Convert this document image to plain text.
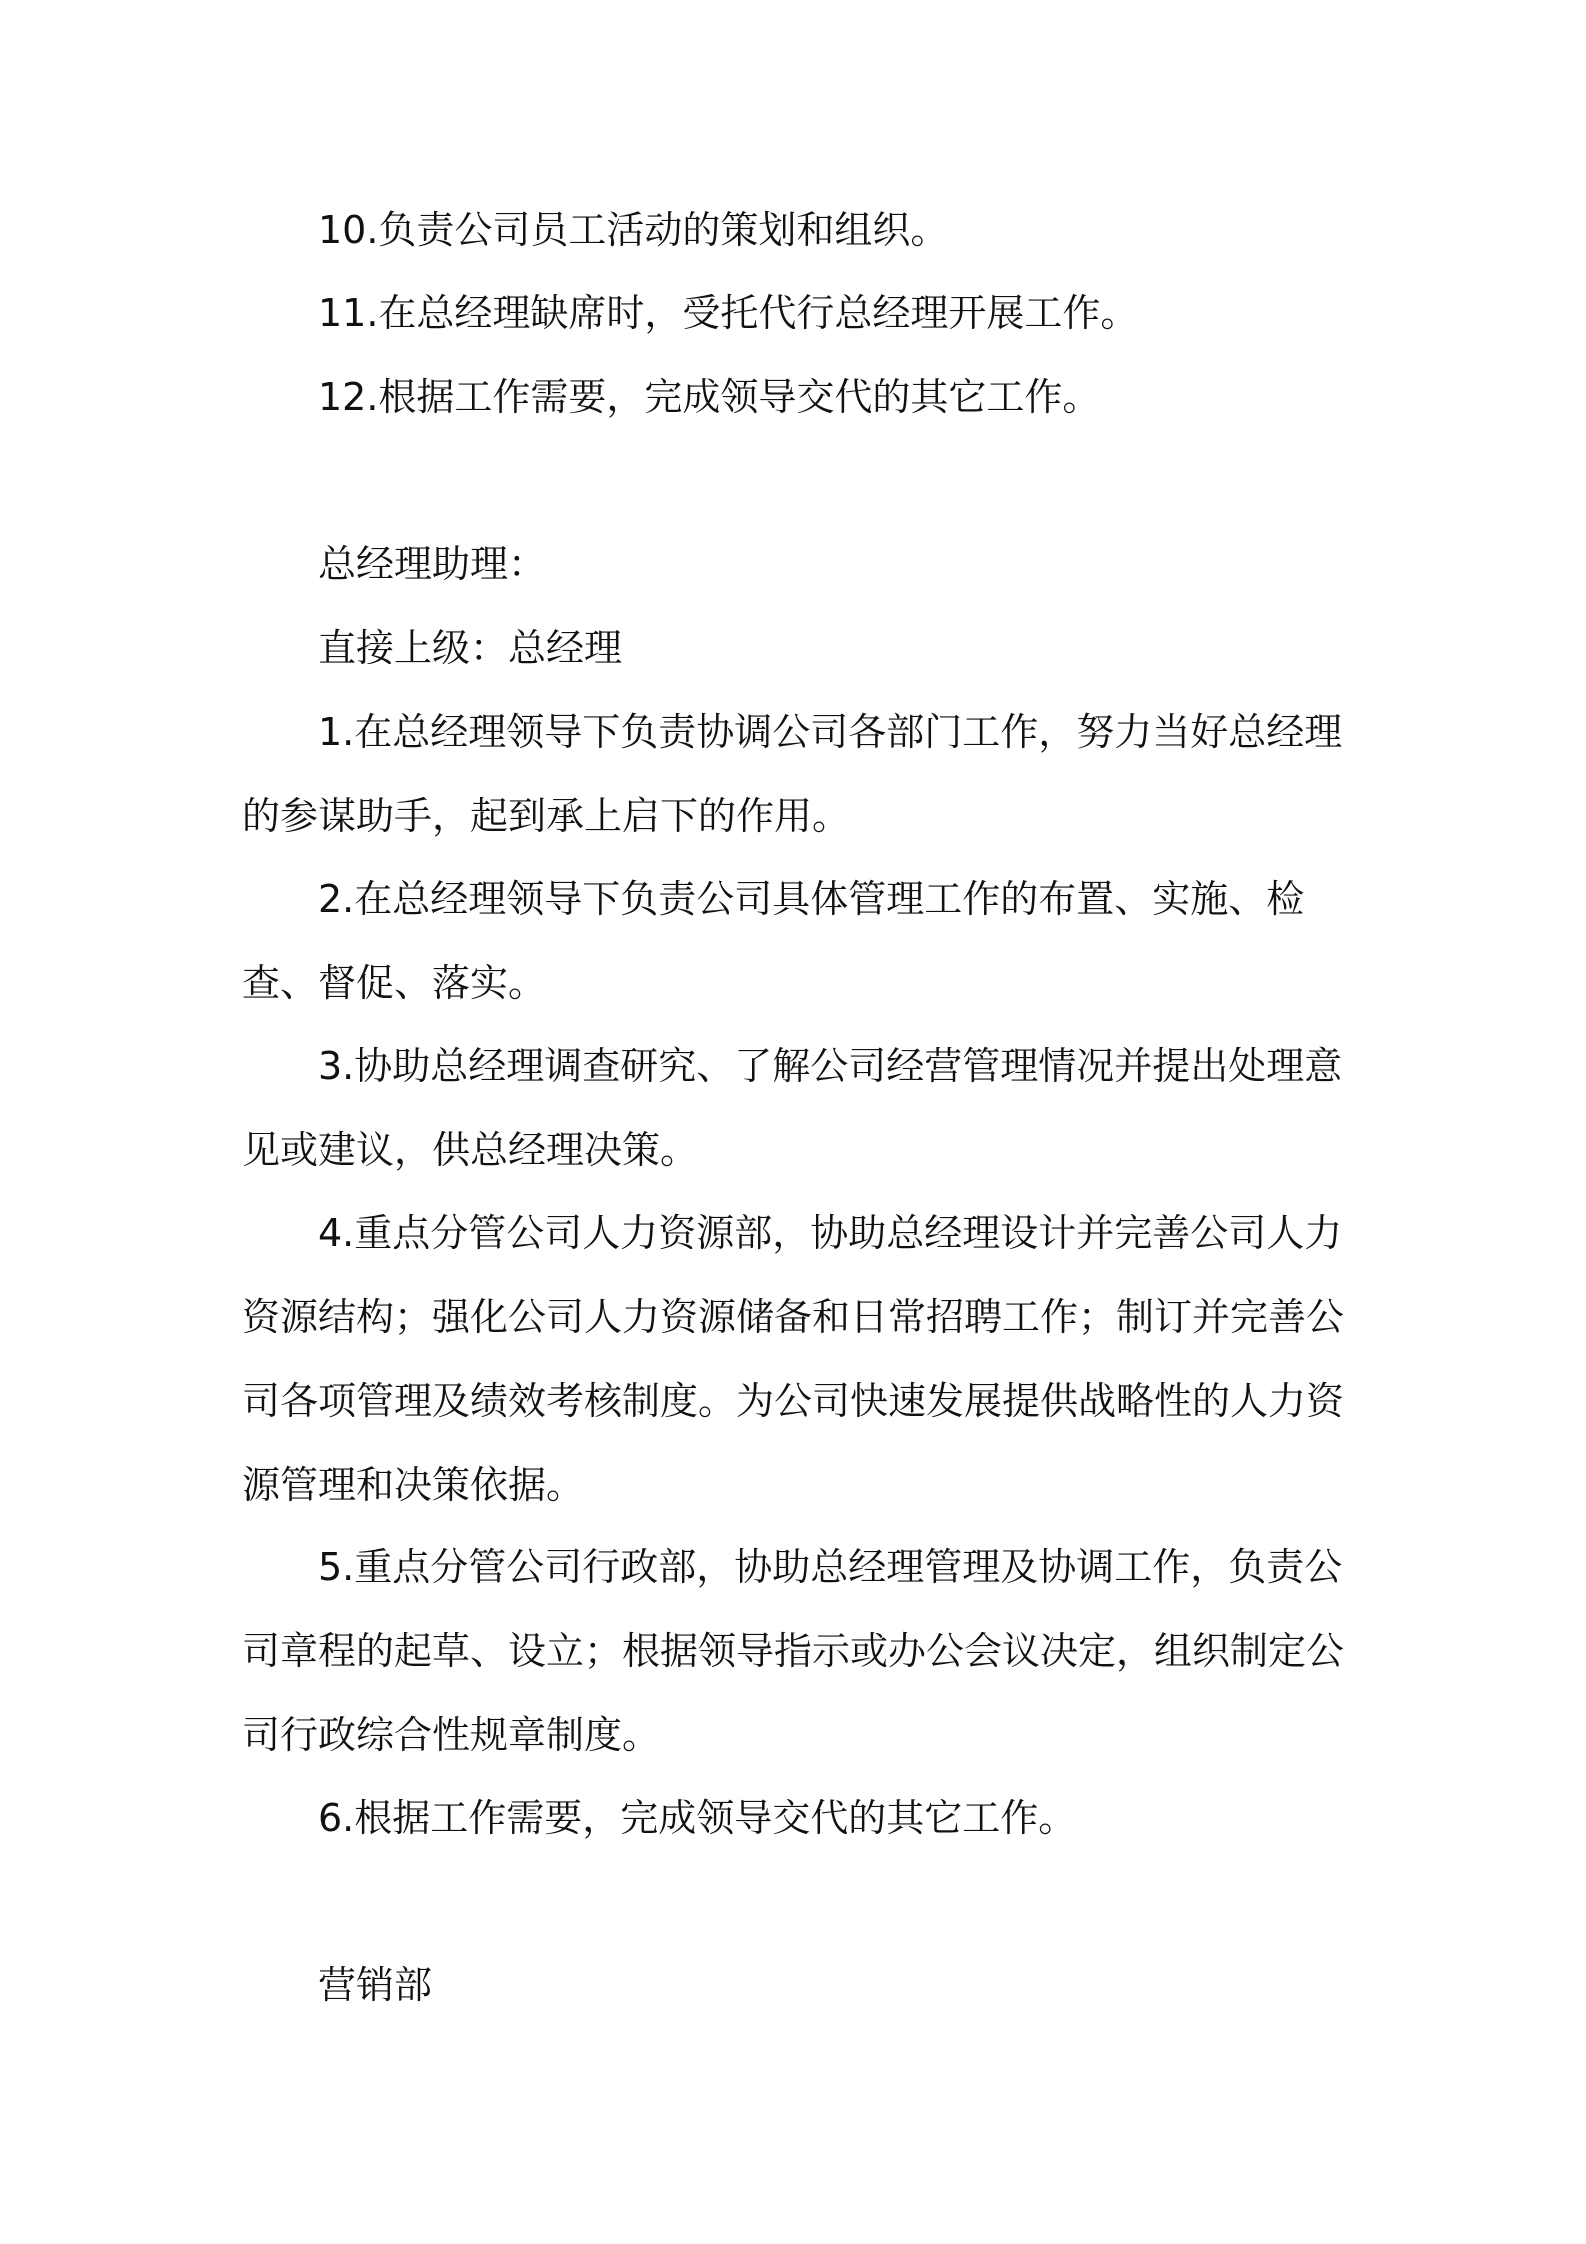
10.负责公司员工活动的策划和组织。
11.在总经理缺席时，受托代行总经理开展工作。
12.根据工作需要，完成领导交代的其它工作。
总经理助理：
直接上级：总经理
1.在总经理领导下负责协调公司各部门工作，努力当好总经理的参谋助手，起到承上启下的作用。
2.在总经理领导下负责公司具体管理工作的布置、实施、检查、督促、落实。
3.协助总经理调查研究、了解公司经营管理情况并提出处理意见或建议，供总经理决策。
4.重点分管公司人力资源部，协助总经理设计并完善公司人力资源结构；强化公司人力资源储备和日常招聘工作；制订并完善公司各项管理及绩效考核制度。为公司快速发展提供战略性的人力资源管理和决策依据。
5.重点分管公司行政部，协助总经理管理及协调工作，负责公司章程的起草、设立；根据领导指示或办公会议决定，组织制定公司行政综合性规章制度。
6.根据工作需要，完成领导交代的其它工作。
营销部
